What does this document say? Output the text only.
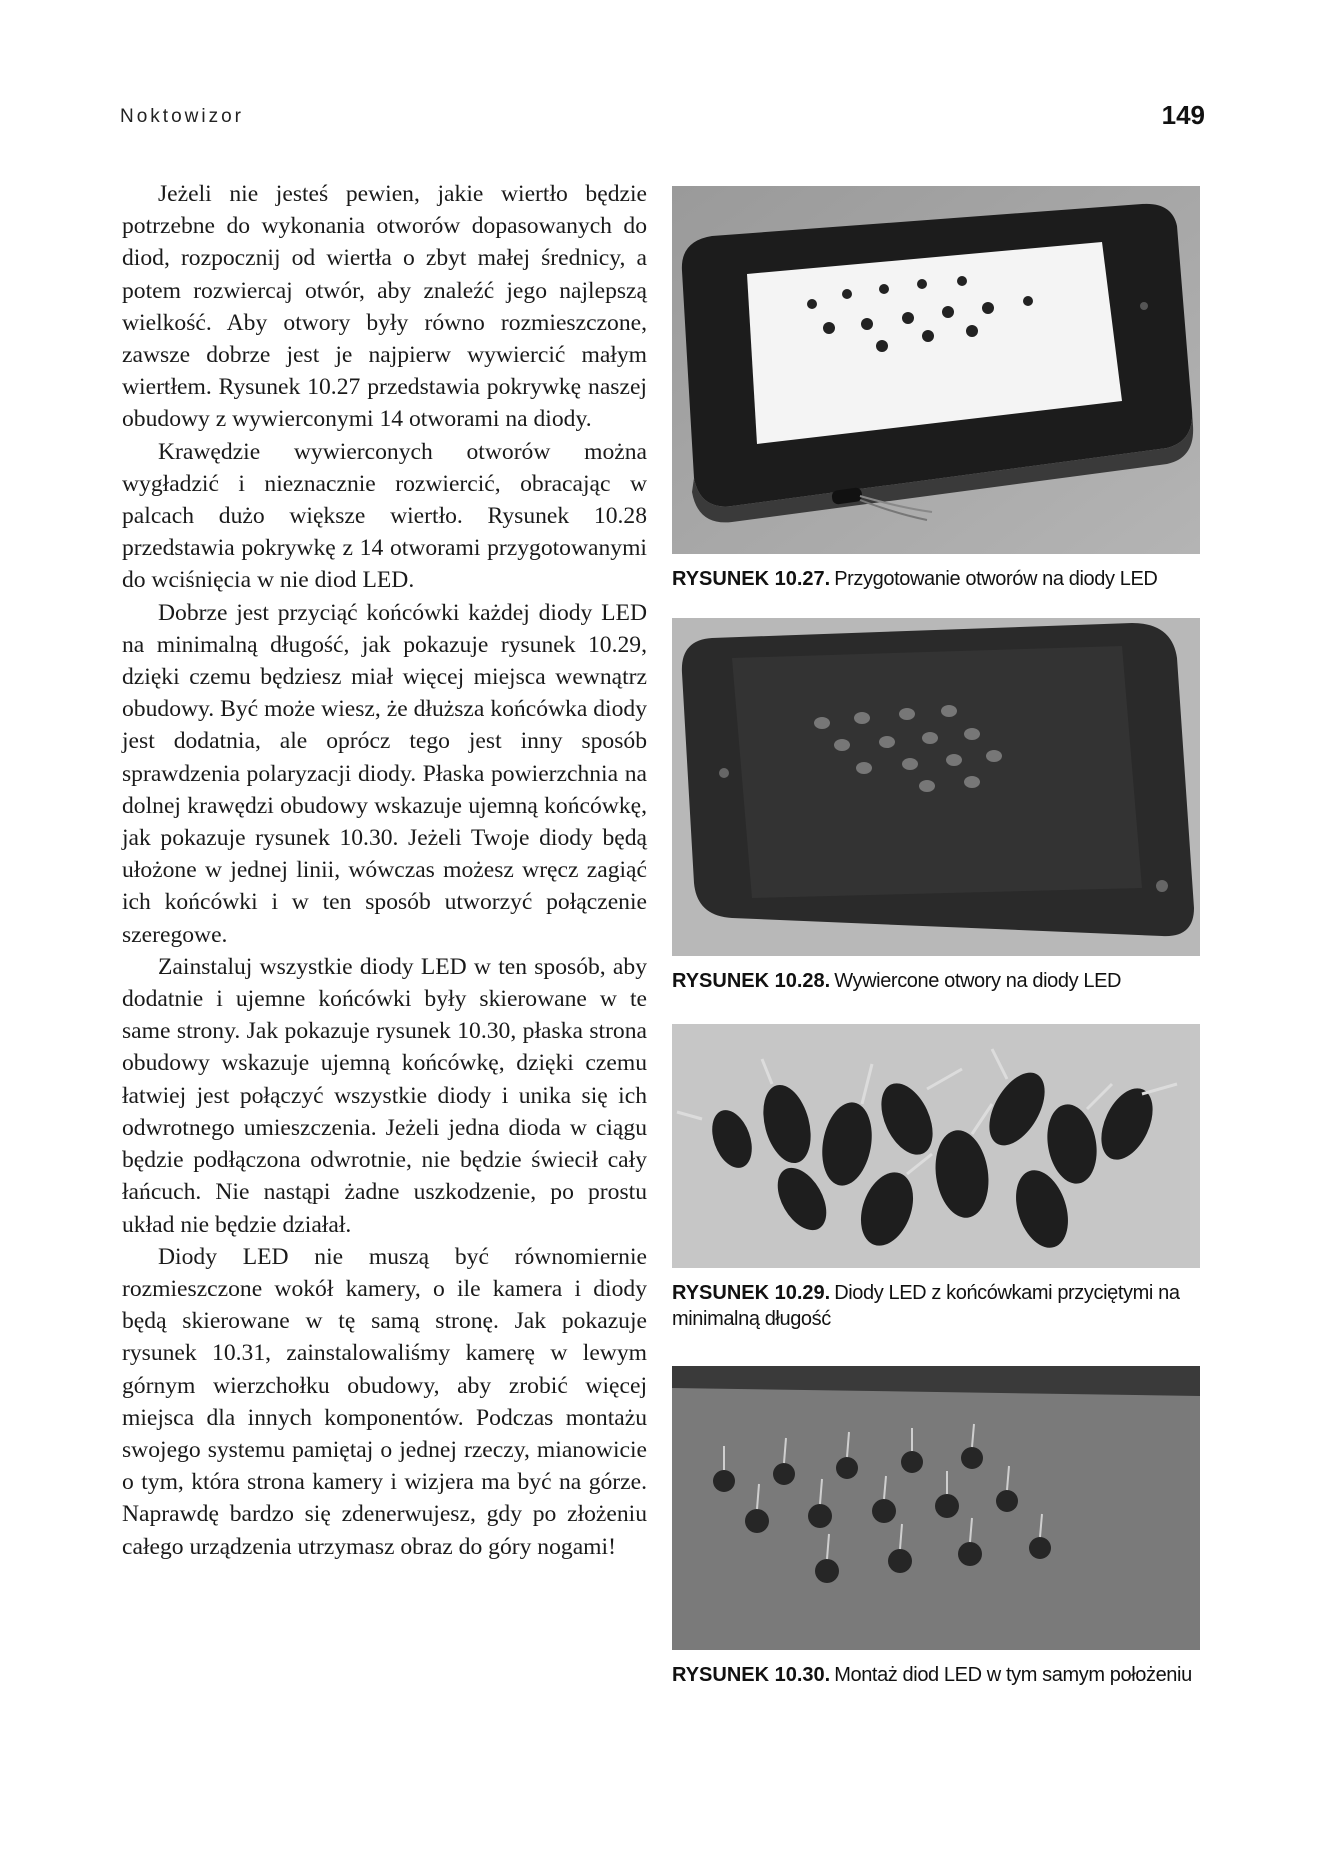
Noktowizor	149

Jeżeli nie jesteś pewien, jakie wiertło będzie potrzebne do wykonania otworów dopasowanych do diod, rozpocznij od wiertła o zbyt małej średnicy, a potem rozwiercaj otwór, aby znaleźć jego najlepszą wielkość. Aby otwory były równo rozmieszczone, zawsze dobrze jest je najpierw wywiercić małym wiertłem. Rysunek 10.27 przedstawia pokrywkę naszej obudowy z wywierconymi 14 otworami na diody.

Krawędzie wywierconych otworów można wygładzić i nieznacznie rozwiercić, obracając w palcach dużo większe wiertło. Rysunek 10.28 przedstawia pokrywkę z 14 otworami przygotowanymi do wciśnięcia w nie diod LED.

Dobrze jest przyciąć końcówki każdej diody LED na minimalną długość, jak pokazuje rysunek 10.29, dzięki czemu będziesz miał więcej miejsca wewnątrz obudowy. Być może wiesz, że dłuższa końcówka diody jest dodatnia, ale oprócz tego jest inny sposób sprawdzenia polaryzacji diody. Płaska powierzchnia na dolnej krawędzi obudowy wskazuje ujemną końcówkę, jak pokazuje rysunek 10.30. Jeżeli Twoje diody będą ułożone w jednej linii, wówczas możesz wręcz zagiąć ich końcówki i w ten sposób utworzyć połączenie szeregowe.

Zainstaluj wszystkie diody LED w ten sposób, aby dodatnie i ujemne końcówki były skierowane w te same strony. Jak pokazuje rysunek 10.30, płaska strona obudowy wskazuje ujemną końcówkę, dzięki czemu łatwiej jest połączyć wszystkie diody i unika się ich odwrotnego umieszczenia. Jeżeli jedna dioda w ciągu będzie podłączona odwrotnie, nie będzie świecił cały łańcuch. Nie nastąpi żadne uszkodzenie, po prostu układ nie będzie działał.

Diody LED nie muszą być równomiernie rozmieszczone wokół kamery, o ile kamera i diody będą skierowane w tę samą stronę. Jak pokazuje rysunek 10.31, zainstalowaliśmy kamerę w lewym górnym wierzchołku obudowy, aby zrobić więcej miejsca dla innych komponentów. Podczas montażu swojego systemu pamiętaj o jednej rzeczy, mianowicie o tym, która strona kamery i wizjera ma być na górze. Naprawdę bardzo się zdenerwujesz, gdy po złożeniu całego urządzenia utrzymasz obraz do góry nogami!

RYSUNEK 10.27. Przygotowanie otworów na diody LED
RYSUNEK 10.28. Wywiercone otwory na diody LED
RYSUNEK 10.29. Diody LED z końcówkami przyciętymi na minimalną długość
RYSUNEK 10.30. Montaż diod LED w tym samym położeniu
